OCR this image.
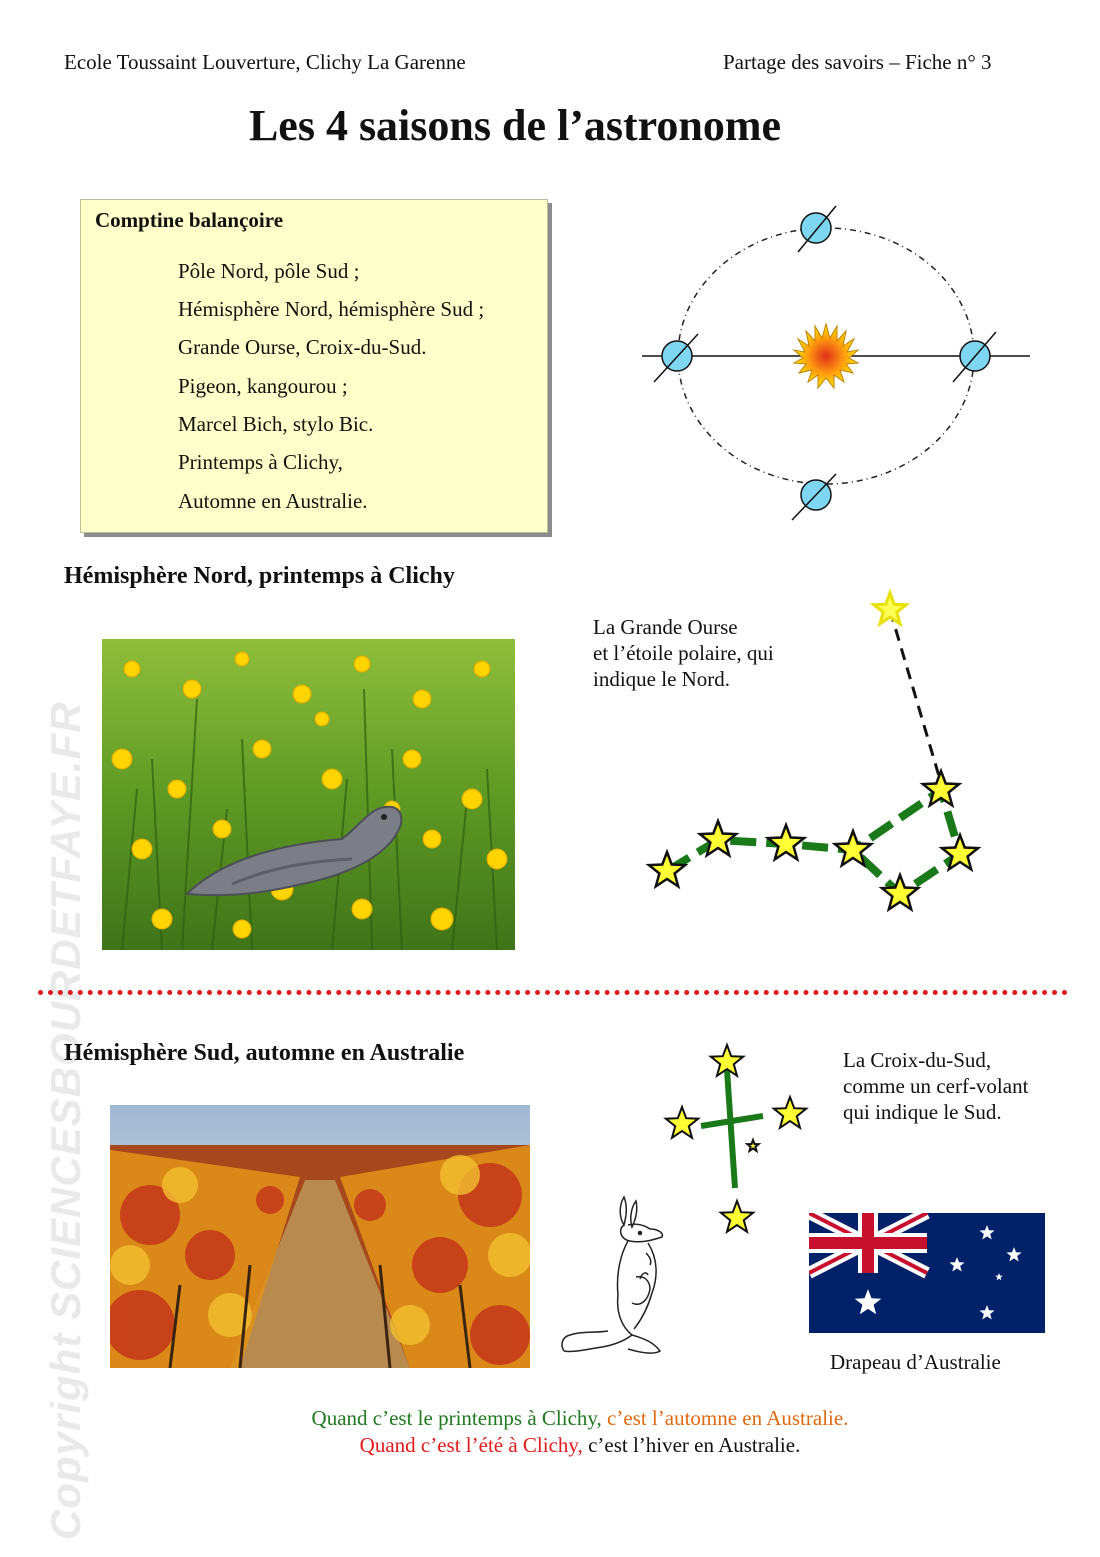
Copyright SCIENCESBOURDETFAYE.FR
Ecole Toussaint Louverture, Clichy La Garenne	Partage des savoirs – Fiche n° 3
Les 4 saisons de l’astronome
Comptine balançoire
Pôle Nord, pôle Sud ;
Hémisphère Nord, hémisphère Sud ;
Grande Ourse, Croix-du-Sud.
Pigeon, kangourou ;
Marcel Bich, stylo Bic.
Printemps à Clichy,
Automne en Australie.
Hémisphère Nord, printemps à Clichy
La Grande Ourse
et l’étoile polaire, qui
indique le Nord.
Hémisphère Sud, automne en Australie	La Croix-du-Sud,
comme un cerf-volant
qui indique le Sud.
Drapeau d’Australie
Quand c’est le printemps à Clichy, c’est l’automne en Australie.
Quand c’est l’été à Clichy, c’est l’hiver en Australie.
